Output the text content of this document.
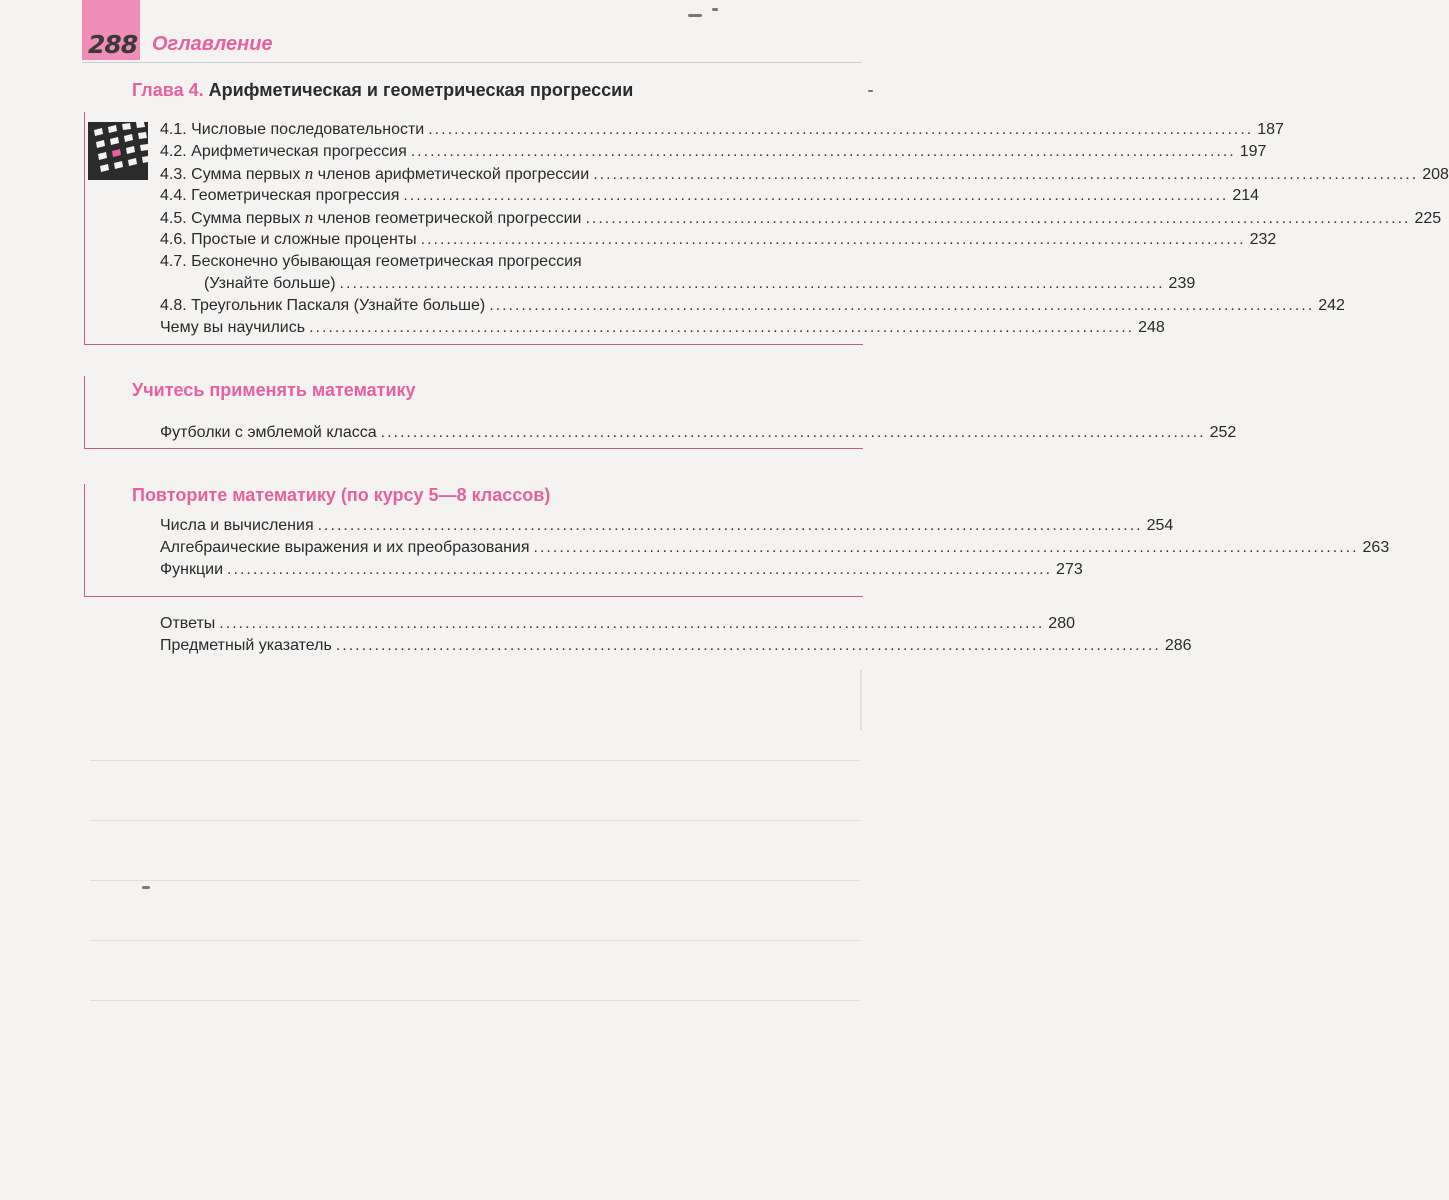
288 Оглавление
Глава 4. Арифметическая и геометрическая прогрессии
4.1. Числовые последовательности ................................................................................................................................ 187
4.2. Арифметическая прогрессия ................................................................................................................................ 197
4.3. Сумма первых n членов арифметической прогрессии ................................................................................................................................ 208
4.4. Геометрическая прогрессия ................................................................................................................................ 214
4.5. Сумма первых n членов геометрической прогрессии ................................................................................................................................ 225
4.6. Простые и сложные проценты ................................................................................................................................ 232
4.7. Бесконечно убывающая геометрическая прогрессия
(Узнайте больше) ................................................................................................................................ 239
4.8. Треугольник Паскаля (Узнайте больше) ................................................................................................................................ 242
Чему вы научились ................................................................................................................................ 248
Учитесь применять математику
Футболки с эмблемой класса ................................................................................................................................ 252
Повторите математику (по курсу 5—8 классов)
Числа и вычисления ................................................................................................................................ 254
Алгебраические выражения и их преобразования ................................................................................................................................ 263
Функции ................................................................................................................................ 273
Ответы ................................................................................................................................ 280
Предметный указатель ................................................................................................................................ 286
